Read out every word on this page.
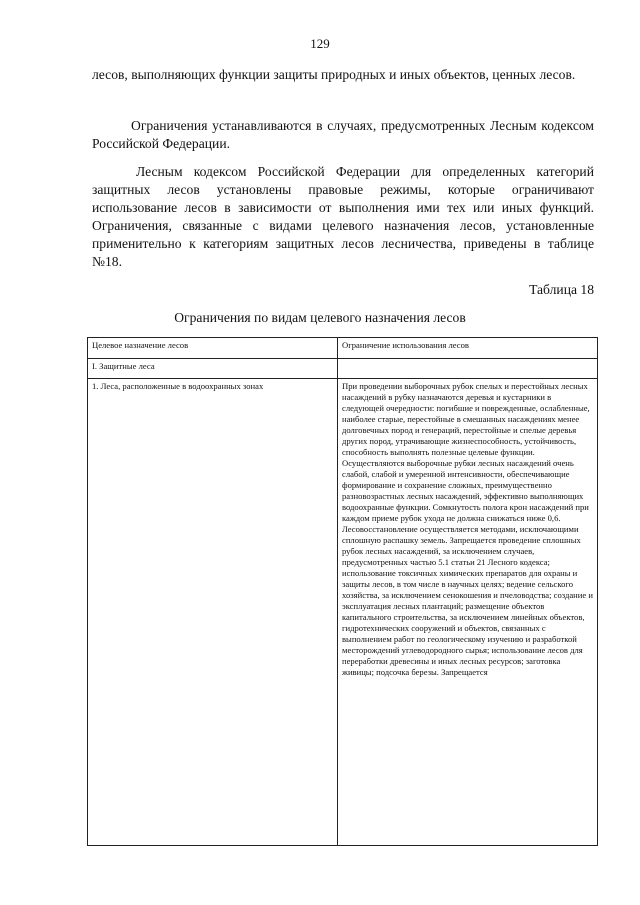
129

лесов, выполняющих функции защиты природных и иных объектов, ценных лесов.

Ограничения устанавливаются в случаях, предусмотренных Лесным кодексом Российской Федерации.

Лесным кодексом Российской Федерации для определенных категорий защитных лесов установлены правовые режимы, которые ограничивают использование лесов в зависимости от выполнения ими тех или иных функций. Ограничения, связанные с видами целевого назначения лесов, установленные применительно к категориям защитных лесов лесничества, приведены в таблице №18.

Таблица 18
Ограничения по видам целевого назначения лесов
Целевое назначение лесов	Ограничение использования лесов
I. Защитные леса	
1. Леса, расположенные в водоохранных зонах	При проведении выборочных рубок спелых и перестойных лесных насаждений в рубку назначаются деревья и кустарники в следующей очередности: погибшие и поврежденные, ослабленные, наиболее старые, перестойные в смешанных насаждениях менее долговечных пород и генераций, перестойные и спелые деревья других пород, утрачивающие жизнеспособность, устойчивость, способность выполнять полезные целевые функции. Осуществляются выборочные рубки лесных насаждений очень слабой, слабой и умеренной интенсивности, обеспечивающие формирование и сохранение сложных, преимущественно разновозрастных лесных насаждений, эффективно выполняющих водоохранные функции. Сомкнутость полога крон насаждений при каждом приеме рубок ухода не должна снижаться ниже 0,6. Лесовосстановление осуществляется методами, исключающими сплошную распашку земель. Запрещается проведение сплошных рубок лесных насаждений, за исключением случаев, предусмотренных частью 5.1 статьи 21 Лесного кодекса; использование токсичных химических препаратов для охраны и защиты лесов, в том числе в научных целях; ведение сельского хозяйства, за исключением сенокошения и пчеловодства; создание и эксплуатация лесных плантаций; размещение объектов капитального строительства, за исключением линейных объектов, гидротехнических сооружений и объектов, связанных с выполнением работ по геологическому изучению и разработкой месторождений углеводородного сырья; использование лесов для переработки древесины и иных лесных ресурсов; заготовка живицы; подсочка березы. Запрещается
